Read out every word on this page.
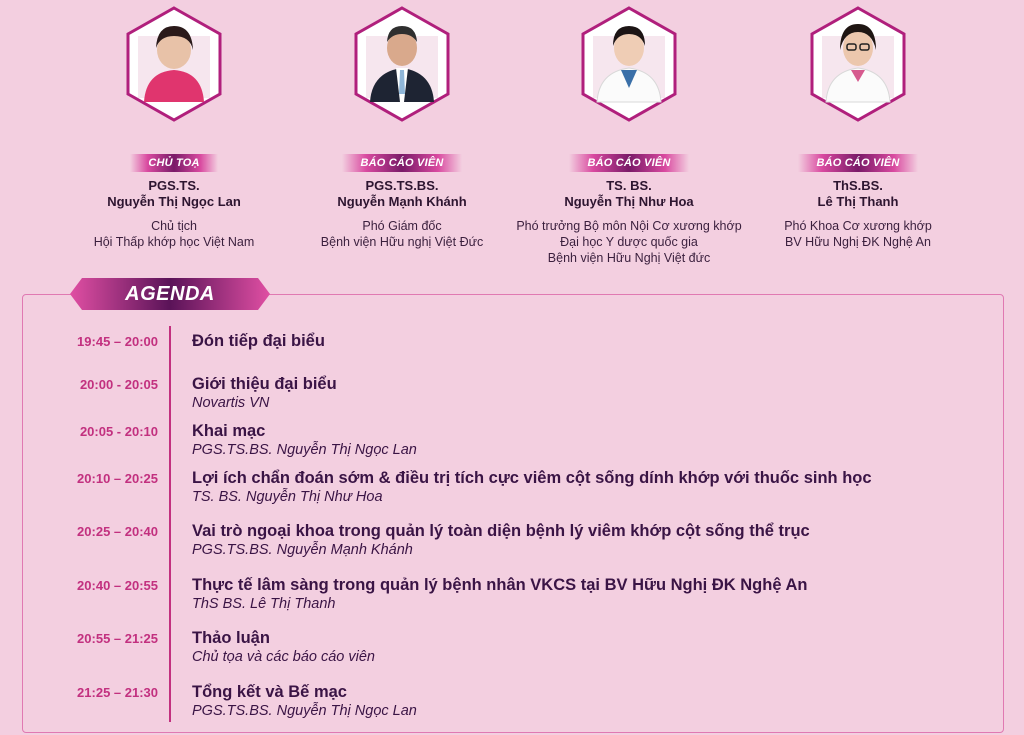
CHỦ TOẠ
PGS.TS.
Nguyễn Thị Ngọc Lan
Chủ tịch
Hội Thấp khớp học Việt Nam
BÁO CÁO VIÊN
PGS.TS.BS.
Nguyễn Mạnh Khánh
Phó Giám đốc
Bệnh viện Hữu nghị Việt Đức
BÁO CÁO VIÊN
TS. BS.
Nguyễn Thị Như Hoa
Phó trưởng Bộ môn Nội Cơ xương khớp
Đại học Y dược quốc gia
Bệnh viện Hữu Nghị Việt đức
BÁO CÁO VIÊN
ThS.BS.
Lê Thị Thanh
Phó Khoa Cơ xương khớp
BV Hữu Nghị ĐK Nghệ An
AGENDA
19:45 – 20:00 Đón tiếp đại biểu
20:00 - 20:05 Giới thiệu đại biểu
Novartis VN
20:05 - 20:10 Khai mạc
PGS.TS.BS. Nguyễn Thị Ngọc Lan
20:10 – 20:25 Lợi ích chẩn đoán sớm & điều trị tích cực viêm cột sống dính khớp với thuốc sinh học
TS. BS. Nguyễn Thị Như Hoa
20:25 – 20:40 Vai trò ngoại khoa trong quản lý toàn diện bệnh lý viêm khớp cột sống thể trục
PGS.TS.BS. Nguyễn Mạnh Khánh
20:40 – 20:55 Thực tế lâm sàng trong quản lý bệnh nhân VKCS tại BV Hữu Nghị ĐK Nghệ An
ThS BS. Lê Thị Thanh
20:55 – 21:25 Thảo luận
Chủ tọa và các báo cáo viên
21:25 – 21:30 Tổng kết và Bế mạc
PGS.TS.BS. Nguyễn Thị Ngọc Lan
